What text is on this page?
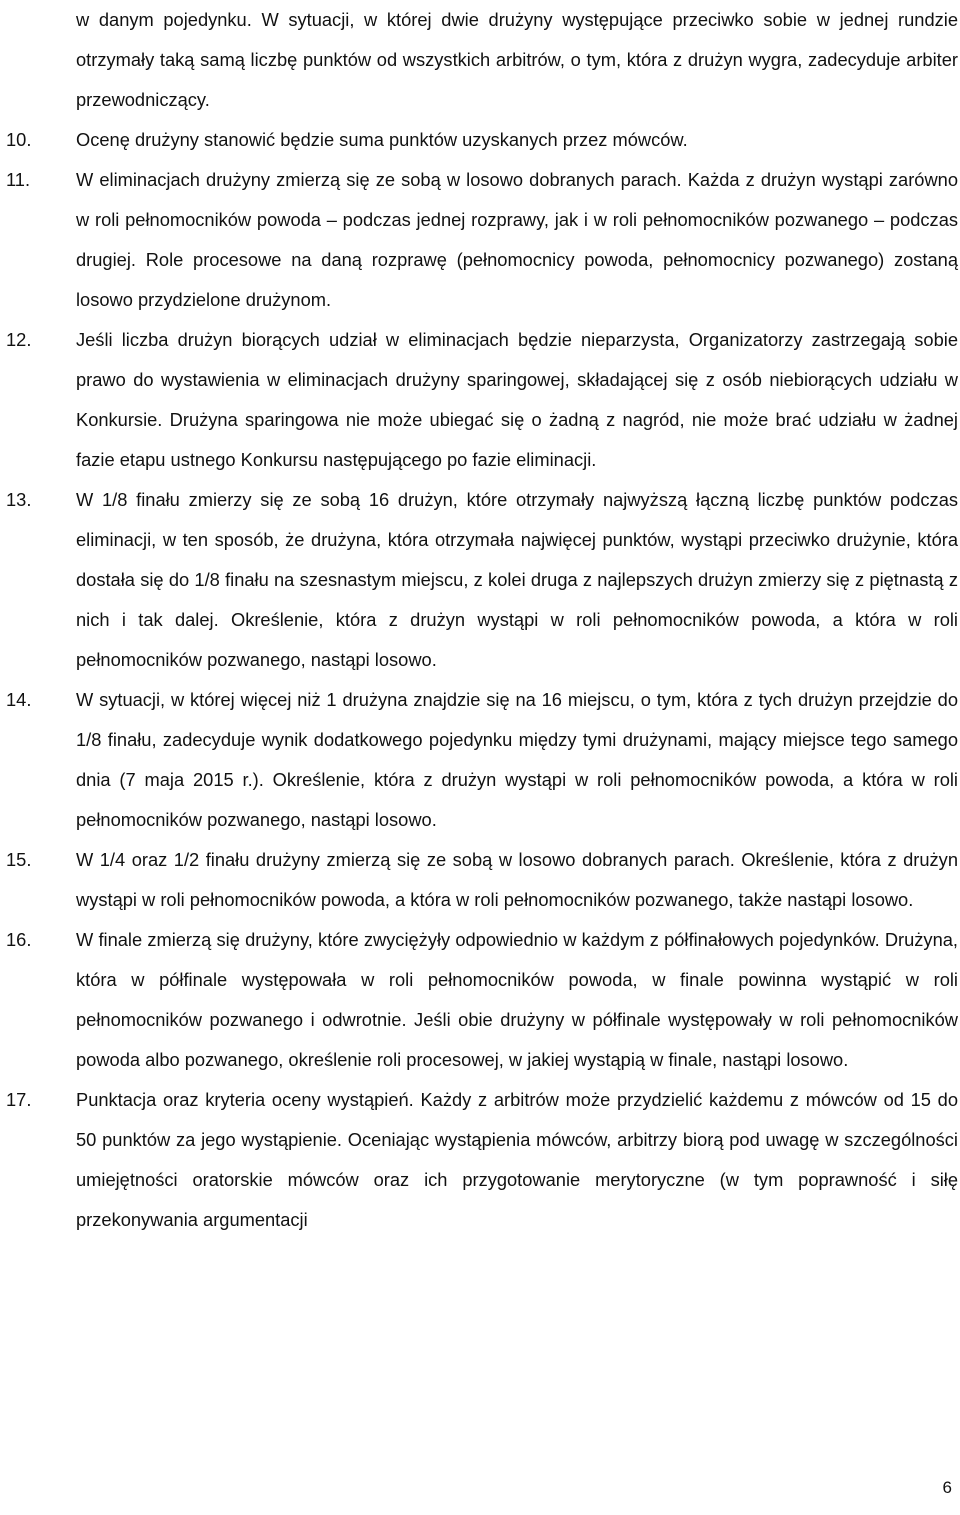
w danym pojedynku. W sytuacji, w której dwie drużyny występujące przeciwko sobie w jednej rundzie otrzymały taką samą liczbę punktów od wszystkich arbitrów, o tym, która z drużyn wygra, zadecyduje arbiter przewodniczący.
10.	Ocenę drużyny stanowić będzie suma punktów uzyskanych przez mówców.
11.	W eliminacjach drużyny zmierzą się ze sobą w losowo dobranych parach. Każda z drużyn wystąpi zarówno w roli pełnomocników powoda – podczas jednej rozprawy, jak i w roli pełnomocników pozwanego – podczas drugiej. Role procesowe na daną rozprawę (pełnomocnicy powoda, pełnomocnicy pozwanego) zostaną losowo przydzielone drużynom.
12.	Jeśli liczba drużyn biorących udział w eliminacjach będzie nieparzysta, Organizatorzy zastrzegają sobie prawo do wystawienia w eliminacjach drużyny sparingowej, składającej się z osób niebiorących udziału w Konkursie. Drużyna sparingowa nie może ubiegać się o żadną z nagród, nie może brać udziału w żadnej fazie etapu ustnego Konkursu następującego po fazie eliminacji.
13.	W 1/8 finału zmierzy się ze sobą 16 drużyn, które otrzymały najwyższą łączną liczbę punktów podczas eliminacji, w ten sposób, że drużyna, która otrzymała najwięcej punktów, wystąpi przeciwko drużynie, która dostała się do 1/8 finału na szesnastym miejscu, z kolei druga z najlepszych drużyn zmierzy się z piętnastą z nich i tak dalej. Określenie, która z drużyn wystąpi w roli pełnomocników powoda, a która w roli pełnomocników pozwanego, nastąpi losowo.
14.	W sytuacji, w której więcej niż 1 drużyna znajdzie się na 16 miejscu, o tym, która z tych drużyn przejdzie do 1/8 finału, zadecyduje wynik dodatkowego pojedynku między tymi drużynami, mający miejsce tego samego dnia (7 maja 2015 r.). Określenie, która z drużyn wystąpi w roli pełnomocników powoda, a która w roli pełnomocników pozwanego, nastąpi losowo.
15.	W 1/4 oraz 1/2 finału drużyny zmierzą się ze sobą w losowo dobranych parach. Określenie, która z drużyn wystąpi w roli pełnomocników powoda, a która w roli pełnomocników pozwanego, także nastąpi losowo.
16.	W finale zmierzą się drużyny, które zwyciężyły odpowiednio w każdym z półfinałowych pojedynków. Drużyna, która w półfinale występowała w roli pełnomocników powoda, w finale powinna wystąpić w roli pełnomocników pozwanego i odwrotnie. Jeśli obie drużyny w półfinale występowały w roli pełnomocników powoda albo pozwanego, określenie roli procesowej, w jakiej wystąpią w finale, nastąpi losowo.
17.	Punktacja oraz kryteria oceny wystąpień. Każdy z arbitrów może przydzielić każdemu z mówców od 15 do 50 punktów za jego wystąpienie. Oceniając wystąpienia mówców, arbitrzy biorą pod uwagę w szczególności umiejętności oratorskie mówców oraz ich przygotowanie merytoryczne (w tym poprawność i siłę przekonywania argumentacji
6
